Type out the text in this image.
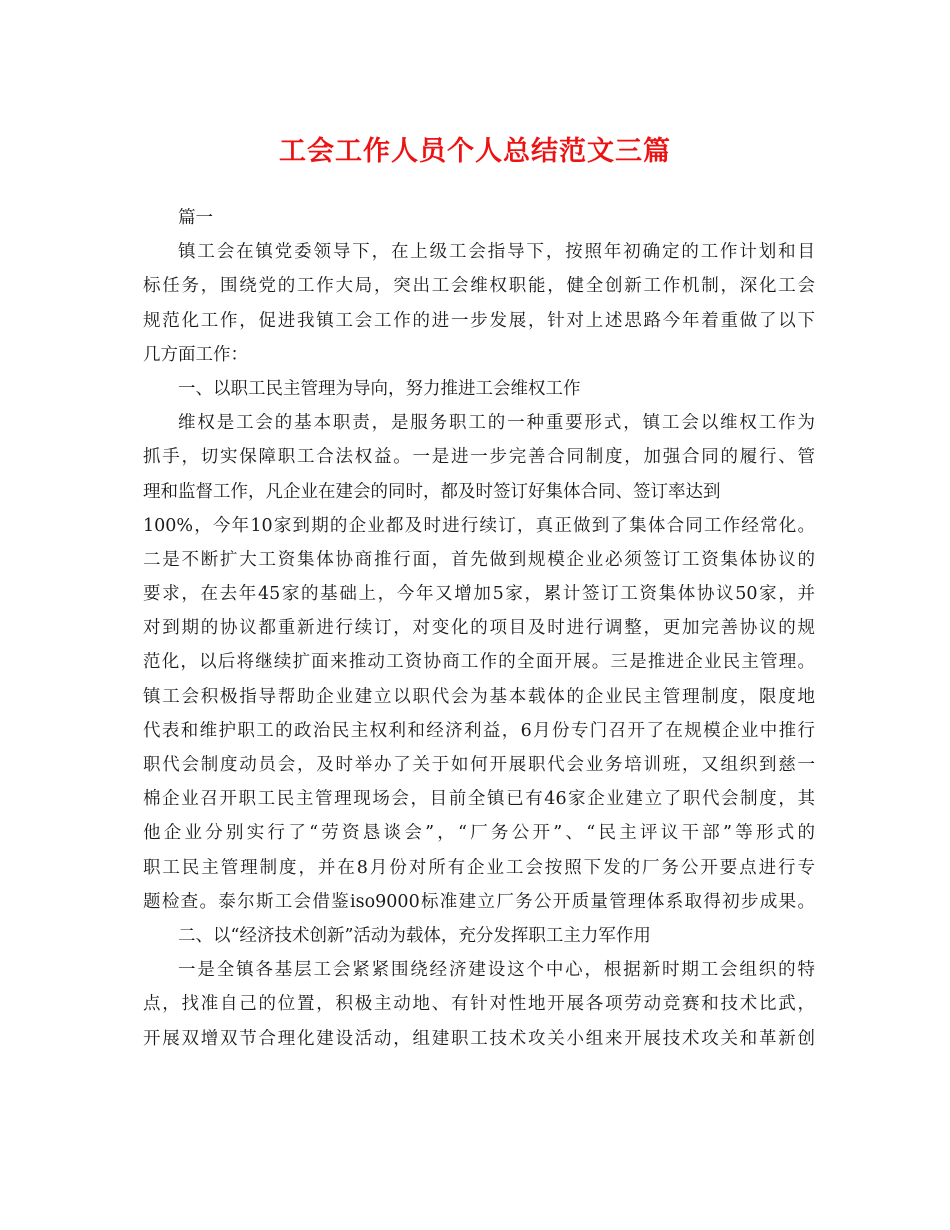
工会工作人员个人总结范文三篇
篇一
镇工会在镇党委领导下，在上级工会指导下，按照年初确定的工作计划和目
标任务，围绕党的工作大局，突出工会维权职能，健全创新工作机制，深化工会
规范化工作，促进我镇工会工作的进一步发展，针对上述思路今年着重做了以下
几方面工作：
一、以职工民主管理为导向，努力推进工会维权工作
维权是工会的基本职责，是服务职工的一种重要形式，镇工会以维权工作为
抓手，切实保障职工合法权益。一是进一步完善合同制度，加强合同的履行、管
理和监督工作，凡企业在建会的同时，都及时签订好集体合同、签订率达到
100%，今年10家到期的企业都及时进行续订，真正做到了集体合同工作经常化。
二是不断扩大工资集体协商推行面，首先做到规模企业必须签订工资集体协议的
要求，在去年45家的基础上，今年又增加5家，累计签订工资集体协议50家，并
对到期的协议都重新进行续订，对变化的项目及时进行调整，更加完善协议的规
范化，以后将继续扩面来推动工资协商工作的全面开展。三是推进企业民主管理。
镇工会积极指导帮助企业建立以职代会为基本载体的企业民主管理制度，限度地
代表和维护职工的政治民主权利和经济利益，6月份专门召开了在规模企业中推行
职代会制度动员会，及时举办了关于如何开展职代会业务培训班，又组织到慈一
棉企业召开职工民主管理现场会，目前全镇已有46家企业建立了职代会制度，其
他企业分别实行了“劳资恳谈会”，“厂务公开”、“民主评议干部”等形式的
职工民主管理制度，并在8月份对所有企业工会按照下发的厂务公开要点进行专
题检查。泰尔斯工会借鉴iso9000标准建立厂务公开质量管理体系取得初步成果。
二、以“经济技术创新”活动为载体，充分发挥职工主力军作用
一是全镇各基层工会紧紧围绕经济建设这个中心，根据新时期工会组织的特
点，找准自己的位置，积极主动地、有针对性地开展各项劳动竞赛和技术比武，
开展双增双节合理化建设活动，组建职工技术攻关小组来开展技术攻关和革新创
